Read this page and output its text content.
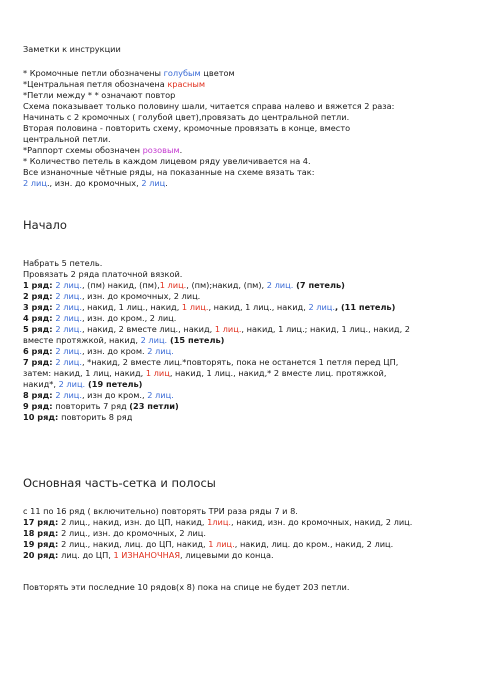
Заметки к инструкции
* Кромочные петли обозначены голубым цветом
*Центральная петля обозначена красным
*Петли между * * означают повтор
Схема показывает только половину шали, читается справа налево и вяжется 2 раза:
Начинать с 2 кромочных ( голубой цвет),провязать до центральной петли.
Вторая половина - повторить схему, кромочные провязать в конце, вместо
центральной петли.
*Раппорт схемы обозначен розовым.
* Количество петель в каждом лицевом ряду увеличивается на 4.
Все изнаночные чётные ряды, на показанные на схеме вязать так:
2 лиц., изн. до кромочных, 2 лиц.
Начало
Набрать 5 петель.
Провязать 2 ряда платочной вязкой.
1 ряд: 2 лиц., (пм) накид, (пм),1 лиц., (пм);накид, (пм), 2 лиц. (7 петель)
2 ряд: 2 лиц., изн. до кромочных, 2 лиц.
3 ряд: 2 лиц., накид, 1 лиц., накид, 1 лиц., накид, 1 лиц., накид, 2 лиц., (11 петель)
4 ряд: 2 лиц., изн. до кром., 2 лиц.
5 ряд: 2 лиц., накид, 2 вместе лиц., накид, 1 лиц., накид, 1 лиц.; накид, 1 лиц., накид, 2
вместе протяжкой, накид, 2 лиц. (15 петель)
6 ряд: 2 лиц., изн. до кром. 2 лиц.
7 ряд: 2 лиц., *накид, 2 вместе лиц.*повторять, пока не останется 1 петля перед ЦП,
затем: накид, 1 лиц, накид, 1 лиц, накид, 1 лиц., накид,* 2 вместе лиц. протяжкой,
накид*, 2 лиц. (19 петель)
8 ряд: 2 лиц., изн до кром., 2 лиц.
9 ряд: повторить 7 ряд (23 петли)
10 ряд: повторить 8 ряд
Основная часть-сетка и полосы
с 11 по 16 ряд ( включительно) повторять ТРИ раза ряды 7 и 8.
17 ряд: 2 лиц., накид, изн. до ЦП, накид, 1лиц., накид, изн. до кромочных, накид, 2 лиц.
18 ряд: 2 лиц., изн. до кромочных, 2 лиц.
19 ряд: 2 лиц., накид, лиц. до ЦП, накид, 1 лиц., накид, лиц. до кром., накид, 2 лиц.
20 ряд: лиц. до ЦП, 1 ИЗНАНОЧНАЯ, лицевыми до конца.
Повторять эти последние 10 рядов(х 8) пока на спице не будет 203 петли.
